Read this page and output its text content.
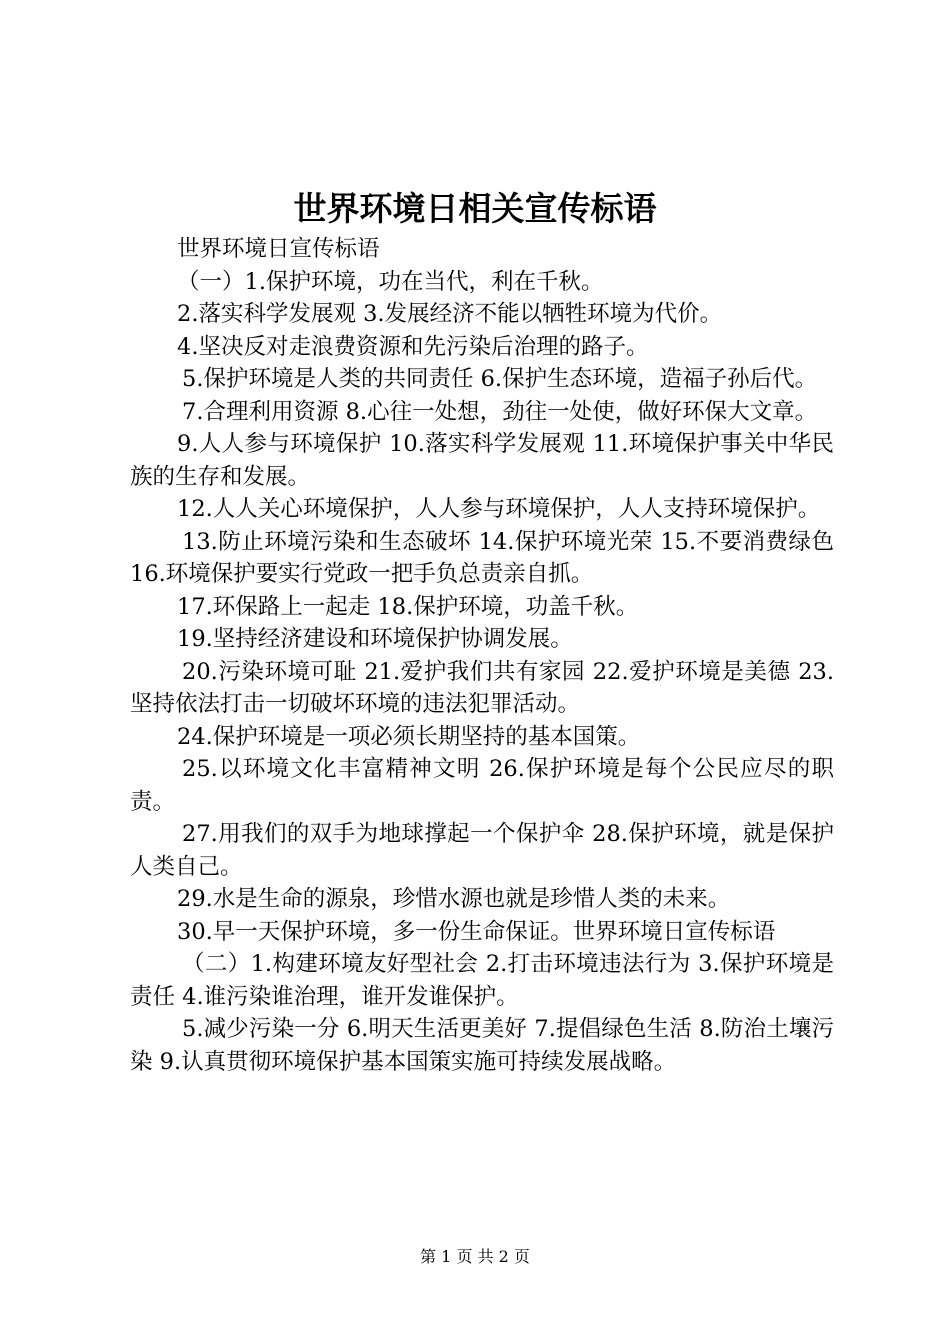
世界环境日相关宣传标语

世界环境日宣传标语

（一）1.保护环境，功在当代，利在千秋。

2.落实科学发展观 3.发展经济不能以牺牲环境为代价。

4.坚决反对走浪费资源和先污染后治理的路子。

5.保护环境是人类的共同责任 6.保护生态环境，造福子孙后代。

7.合理利用资源 8.心往一处想，劲往一处使，做好环保大文章。

9.人人参与环境保护 10.落实科学发展观 11.环境保护事关中华民族的生存和发展。

12.人人关心环境保护，人人参与环境保护，人人支持环境保护。

13.防止环境污染和生态破坏 14.保护环境光荣 15.不要消费绿色 16.环境保护要实行党政一把手负总责亲自抓。

17.环保路上一起走 18.保护环境，功盖千秋。

19.坚持经济建设和环境保护协调发展。

20.污染环境可耻 21.爱护我们共有家园 22.爱护环境是美德 23.坚持依法打击一切破坏环境的违法犯罪活动。

24.保护环境是一项必须长期坚持的基本国策。

25.以环境文化丰富精神文明 26.保护环境是每个公民应尽的职责。

27.用我们的双手为地球撑起一个保护伞 28.保护环境，就是保护人类自己。

29.水是生命的源泉，珍惜水源也就是珍惜人类的未来。

30.早一天保护环境，多一份生命保证。世界环境日宣传标语

（二）1.构建环境友好型社会 2.打击环境违法行为 3.保护环境是责任 4.谁污染谁治理，谁开发谁保护。

5.减少污染一分 6.明天生活更美好 7.提倡绿色生活 8.防治土壤污染 9.认真贯彻环境保护基本国策实施可持续发展战略。

第 1 页 共 2 页
